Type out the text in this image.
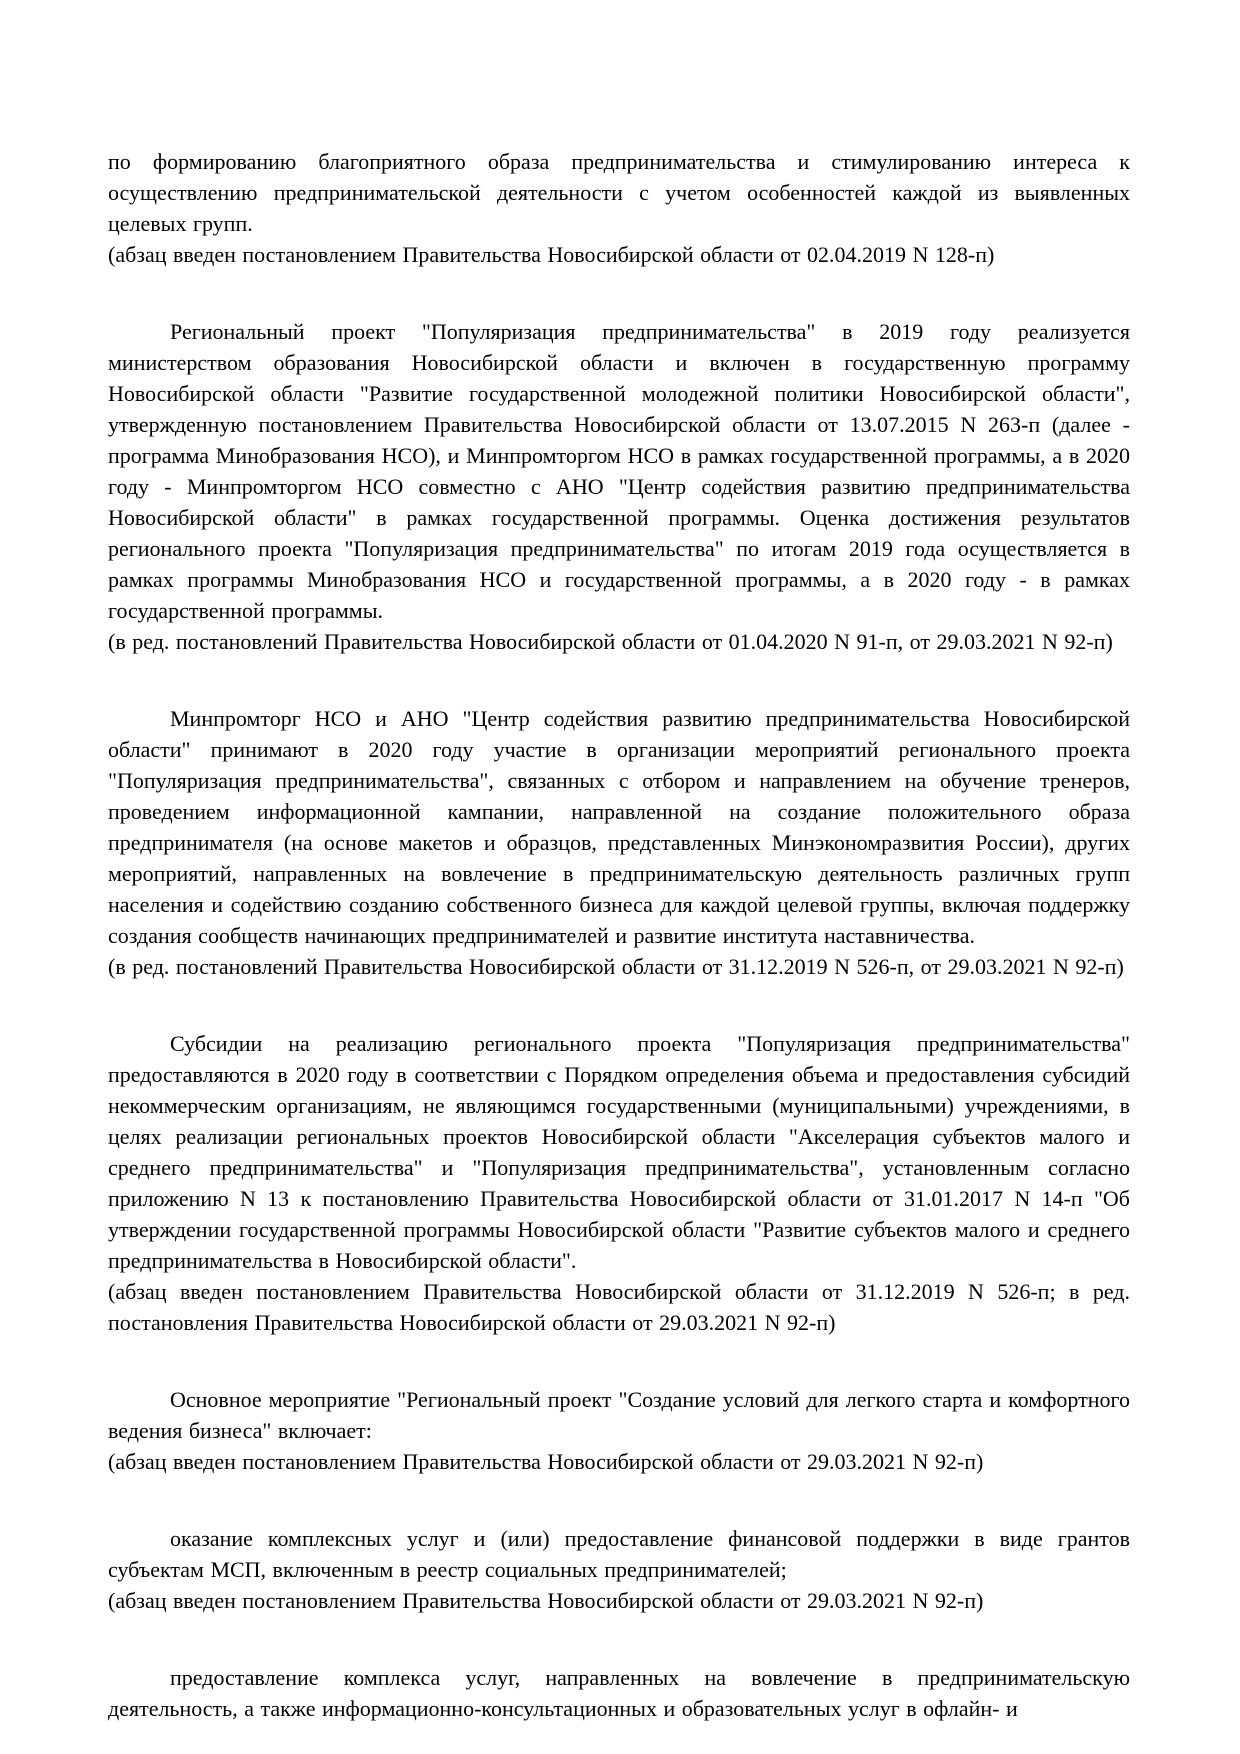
по формированию благоприятного образа предпринимательства и стимулированию интереса к осуществлению предпринимательской деятельности с учетом особенностей каждой из выявленных целевых групп.

(абзац введен постановлением Правительства Новосибирской области от 02.04.2019 N 128-п)

Региональный проект "Популяризация предпринимательства" в 2019 году реализуется министерством образования Новосибирской области и включен в государственную программу Новосибирской области "Развитие государственной молодежной политики Новосибирской области", утвержденную постановлением Правительства Новосибирской области от 13.07.2015 N 263-п (далее - программа Минобразования НСО), и Минпромторгом НСО в рамках государственной программы, а в 2020 году - Минпромторгом НСО совместно с АНО "Центр содействия развитию предпринимательства Новосибирской области" в рамках государственной программы. Оценка достижения результатов регионального проекта "Популяризация предпринимательства" по итогам 2019 года осуществляется в рамках программы Минобразования НСО и государственной программы, а в 2020 году - в рамках государственной программы.

(в ред. постановлений Правительства Новосибирской области от 01.04.2020 N 91-п, от 29.03.2021 N 92-п)

Минпромторг НСО и АНО "Центр содействия развитию предпринимательства Новосибирской области" принимают в 2020 году участие в организации мероприятий регионального проекта "Популяризация предпринимательства", связанных с отбором и направлением на обучение тренеров, проведением информационной кампании, направленной на создание положительного образа предпринимателя (на основе макетов и образцов, представленных Минэкономразвития России), других мероприятий, направленных на вовлечение в предпринимательскую деятельность различных групп населения и содействию созданию собственного бизнеса для каждой целевой группы, включая поддержку создания сообществ начинающих предпринимателей и развитие института наставничества.

(в ред. постановлений Правительства Новосибирской области от 31.12.2019 N 526-п, от 29.03.2021 N 92-п)

Субсидии на реализацию регионального проекта "Популяризация предпринимательства" предоставляются в 2020 году в соответствии с Порядком определения объема и предоставления субсидий некоммерческим организациям, не являющимся государственными (муниципальными) учреждениями, в целях реализации региональных проектов Новосибирской области "Акселерация субъектов малого и среднего предпринимательства" и "Популяризация предпринимательства", установленным согласно приложению N 13 к постановлению Правительства Новосибирской области от 31.01.2017 N 14-п "Об утверждении государственной программы Новосибирской области "Развитие субъектов малого и среднего предпринимательства в Новосибирской области".

(абзац введен постановлением Правительства Новосибирской области от 31.12.2019 N 526-п; в ред. постановления Правительства Новосибирской области от 29.03.2021 N 92-п)

Основное мероприятие "Региональный проект "Создание условий для легкого старта и комфортного ведения бизнеса" включает:

(абзац введен постановлением Правительства Новосибирской области от 29.03.2021 N 92-п)

оказание комплексных услуг и (или) предоставление финансовой поддержки в виде грантов субъектам МСП, включенным в реестр социальных предпринимателей;

(абзац введен постановлением Правительства Новосибирской области от 29.03.2021 N 92-п)

предоставление комплекса услуг, направленных на вовлечение в предпринимательскую деятельность, а также информационно-консультационных и образовательных услуг в офлайн- и
